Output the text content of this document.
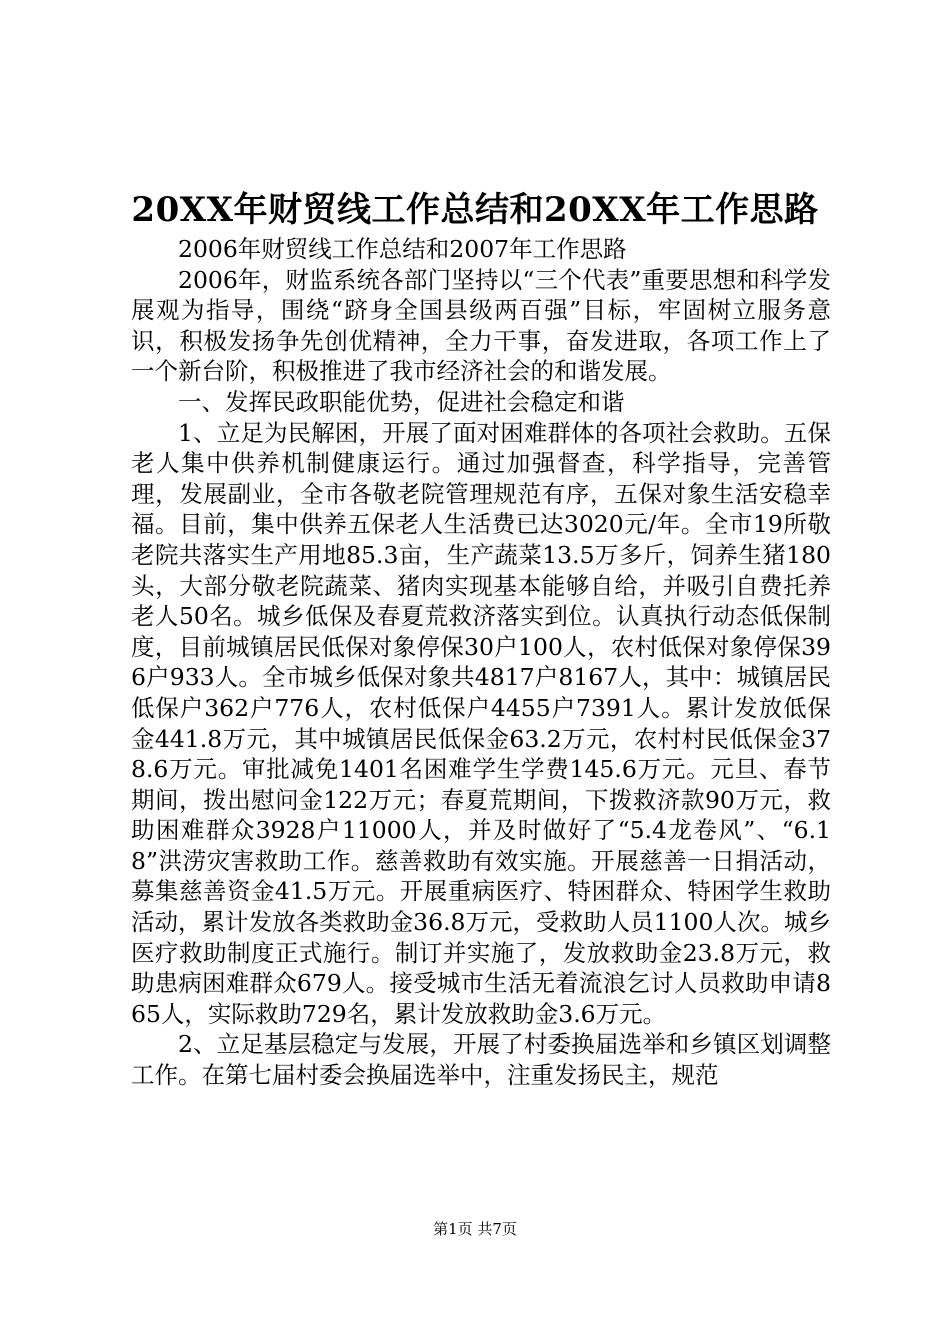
20XX年财贸线工作总结和20XX年工作思路

2006年财贸线工作总结和2007年工作思路

2006年，财监系统各部门坚持以“三个代表”重要思想和科学发展观为指导，围绕“跻身全国县级两百强”目标，牢固树立服务意识，积极发扬争先创优精神，全力干事，奋发进取，各项工作上了一个新台阶，积极推进了我市经济社会的和谐发展。

一、发挥民政职能优势，促进社会稳定和谐

1、立足为民解困，开展了面对困难群体的各项社会救助。五保老人集中供养机制健康运行。通过加强督查，科学指导，完善管理，发展副业，全市各敬老院管理规范有序，五保对象生活安稳幸福。目前，集中供养五保老人生活费已达3020元/年。全市19所敬老院共落实生产用地85.3亩，生产蔬菜13.5万多斤，饲养生猪180头，大部分敬老院蔬菜、猪肉实现基本能够自给，并吸引自费托养老人50名。城乡低保及春夏荒救济落实到位。认真执行动态低保制度，目前城镇居民低保对象停保30户100人，农村低保对象停保396户933人。全市城乡低保对象共4817户8167人，其中：城镇居民低保户362户776人，农村低保户4455户7391人。累计发放低保金441.8万元，其中城镇居民低保金63.2万元，农村村民低保金378.6万元。审批减免1401名困难学生学费145.6万元。元旦、春节期间，拨出慰问金122万元；春夏荒期间，下拨救济款90万元，救助困难群众3928户11000人，并及时做好了“5.4龙卷风”、“6.18”洪涝灾害救助工作。慈善救助有效实施。开展慈善一日捐活动，募集慈善资金41.5万元。开展重病医疗、特困群众、特困学生救助活动，累计发放各类救助金36.8万元，受救助人员1100人次。城乡医疗救助制度正式施行。制订并实施了，发放救助金23.8万元，救助患病困难群众679人。接受城市生活无着流浪乞讨人员救助申请865人，实际救助729名，累计发放救助金3.6万元。

2、立足基层稳定与发展，开展了村委换届选举和乡镇区划调整工作。在第七届村委会换届选举中，注重发扬民主，规范

第1页 共7页
